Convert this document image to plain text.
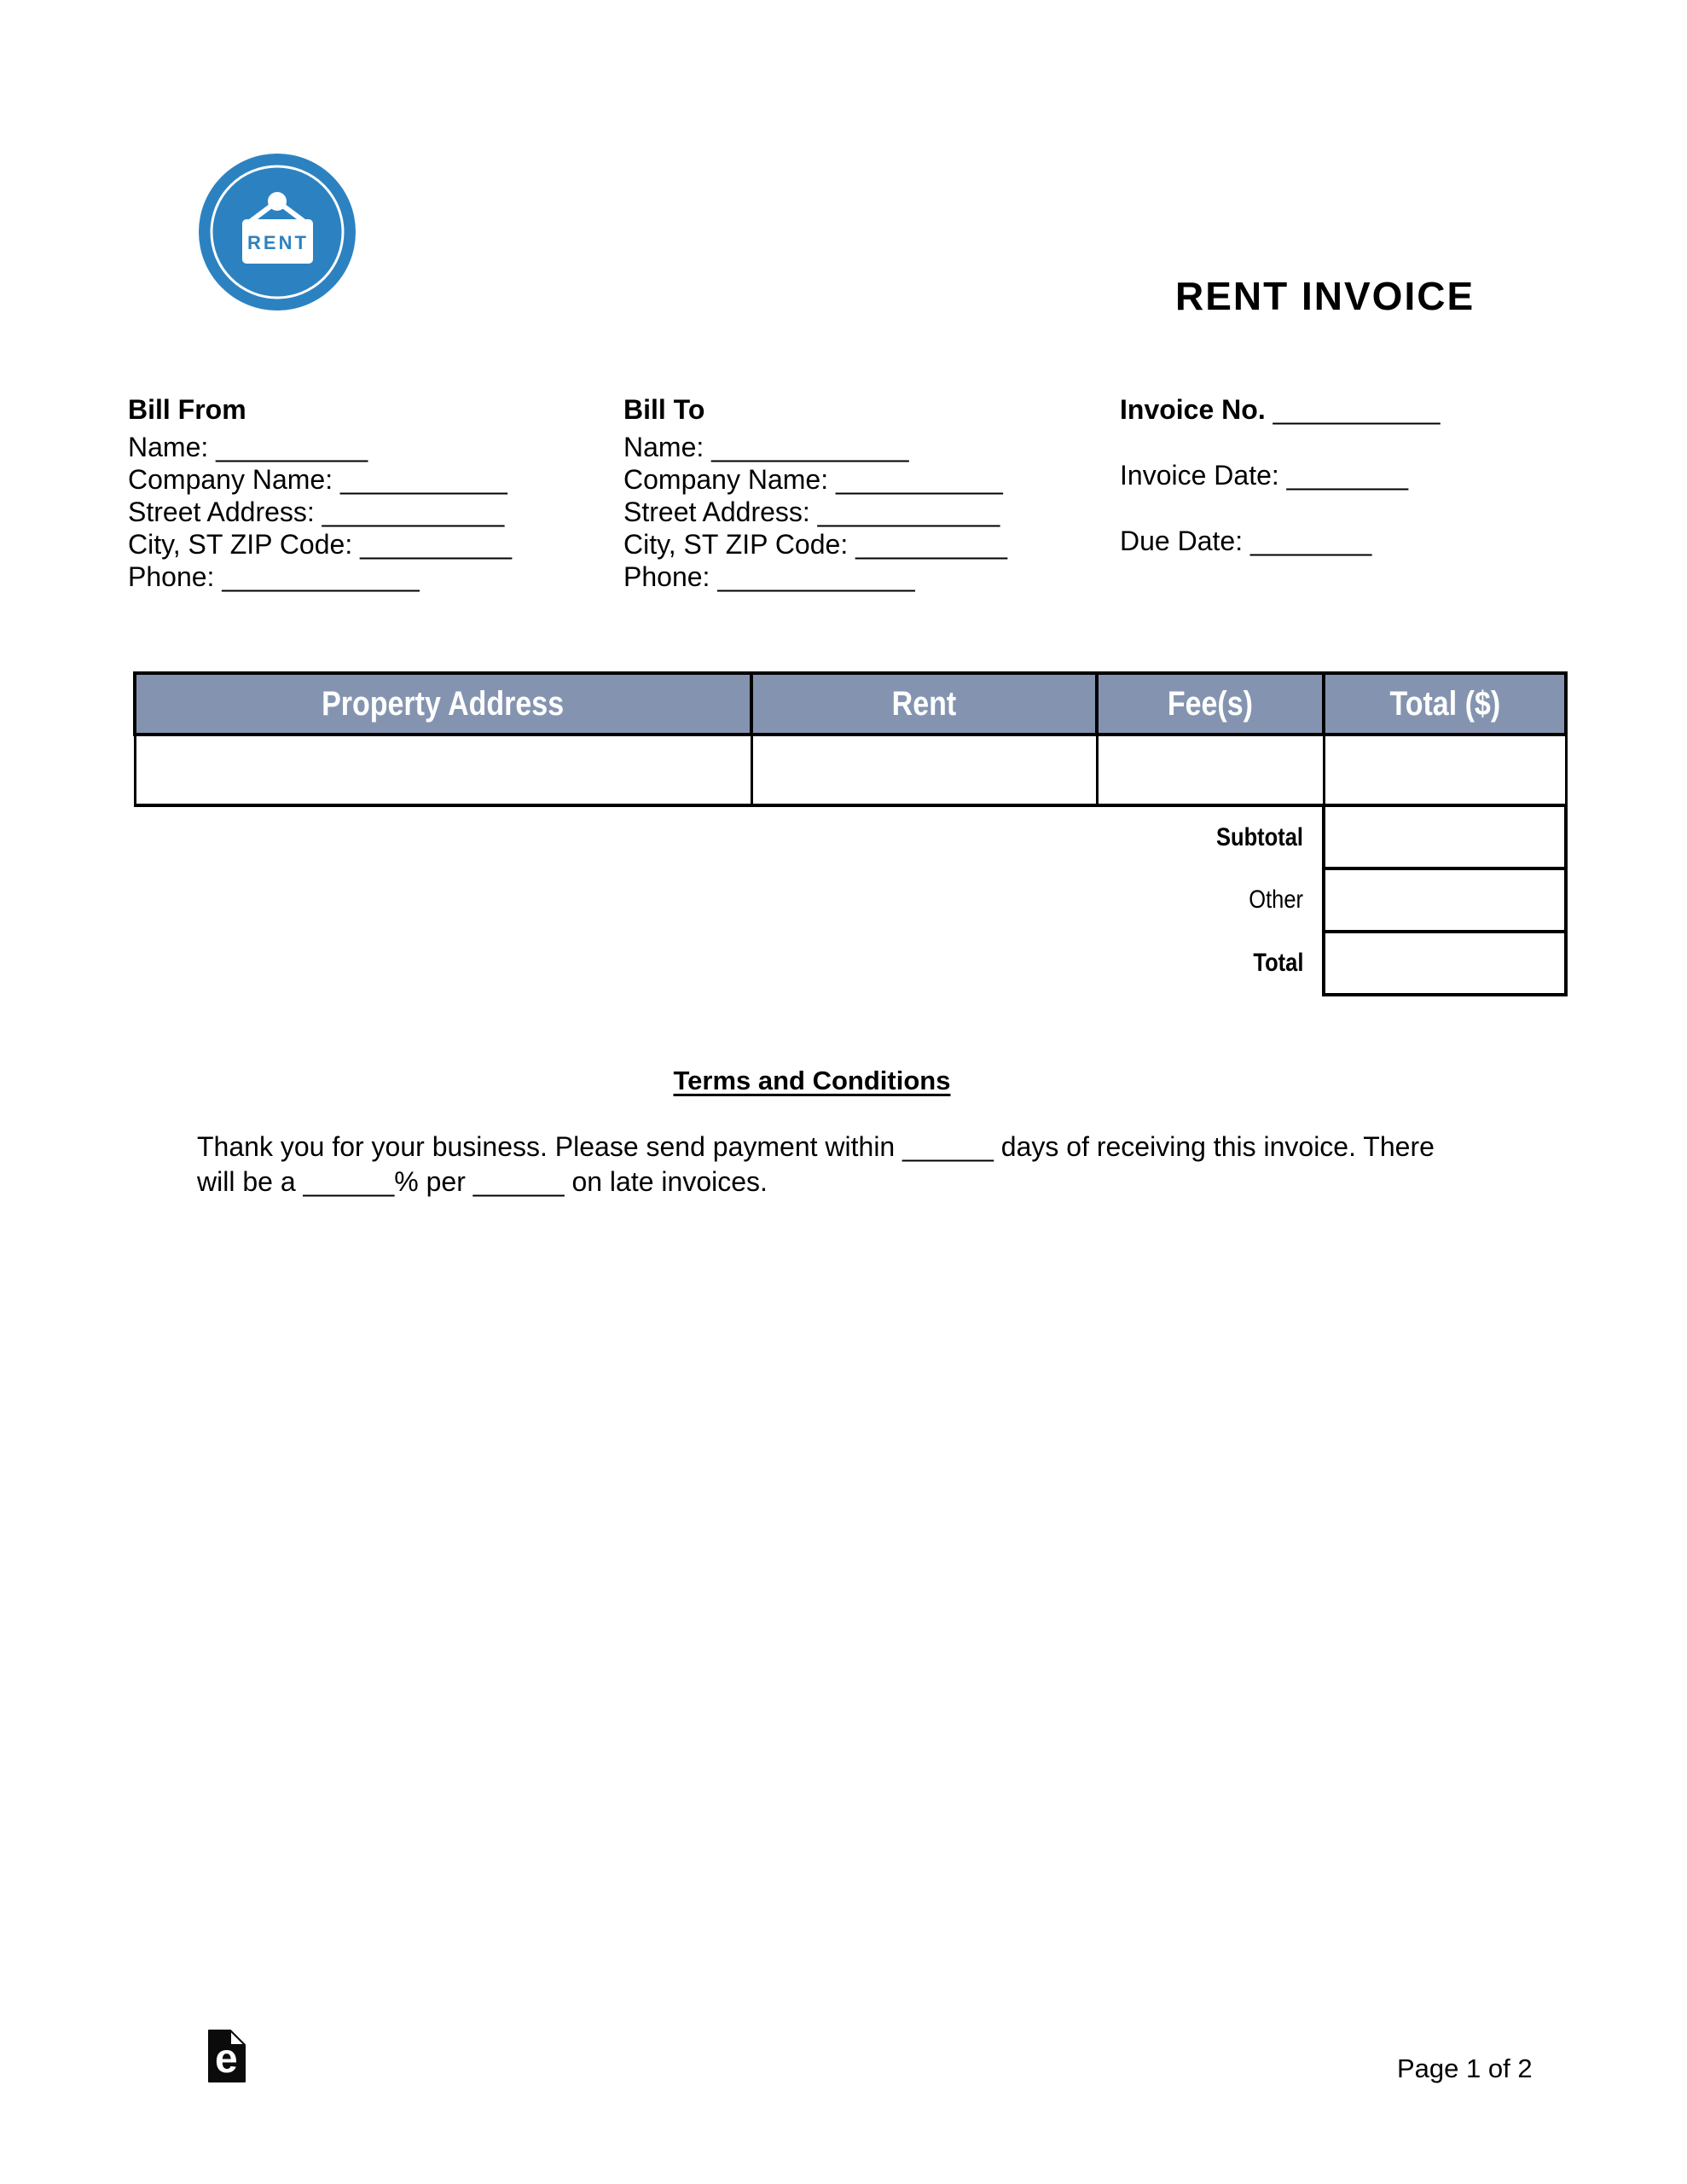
RENT
RENT INVOICE
Bill From
Name: __________
Company Name: ___________
Street Address: ____________
City, ST ZIP Code: __________
Phone: _____________
Bill To
Name: _____________
Company Name: ___________
Street Address: ____________
City, ST ZIP Code: __________
Phone: _____________
Invoice No. ___________
Invoice Date: ________
Due Date: ________
Property Address	Rent	Fee(s)	Total ($)

Subtotal			
Other			
Total			
Terms and Conditions
Thank you for your business. Please send payment within ______ days of receiving this invoice. There
will be a ______% per ______ on late invoices.
e	Page 1 of 2
